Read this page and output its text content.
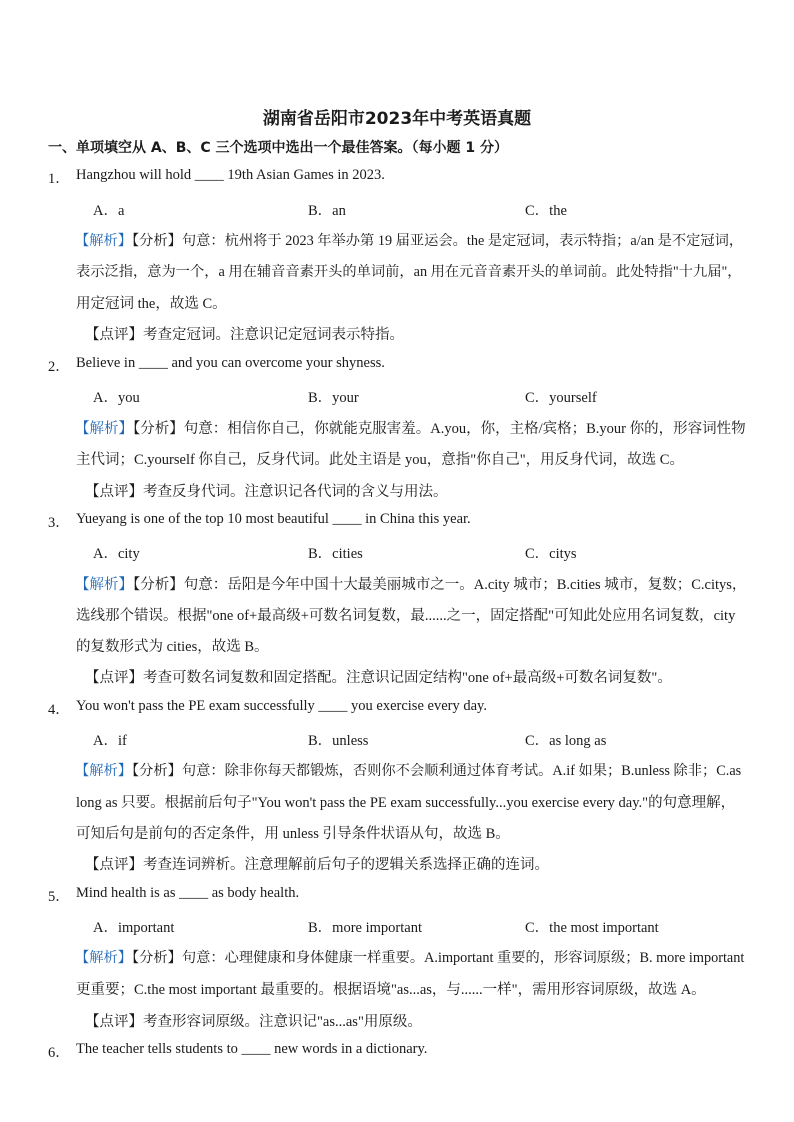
湖南省岳阳市2023年中考英语真题
一、单项填空从 A、B、C 三个选项中选出一个最佳答案。（每小题 1 分）
1． Hangzhou will hold ____ 19th Asian Games in 2023.
A．a	B．an	C．the
【解析】【分析】句意：杭州将于 2023 年举办第 19 届亚运会。the 是定冠词，表示特指；a/an 是不定冠词，
表示泛指，意为一个，a 用在辅音音素开头的单词前，an 用在元音音素开头的单词前。此处特指"十九届"，
用定冠词 the，故选 C。
【点评】考查定冠词。注意识记定冠词表示特指。
2． Believe in ____ and you can overcome your shyness.
A．you	B．your	C．yourself
【解析】【分析】句意：相信你自己，你就能克服害羞。A.you，你，主格/宾格；B.your 你的，形容词性物
主代词；C.yourself 你自己，反身代词。此处主语是 you，意指"你自己"，用反身代词，故选 C。
【点评】考查反身代词。注意识记各代词的含义与用法。
3． Yueyang is one of the top 10 most beautiful ____ in China this year.
A．city	B．cities	C．citys
【解析】【分析】句意：岳阳是今年中国十大最美丽城市之一。A.city 城市；B.cities 城市，复数；C.citys，
选线那个错误。根据"one of+最高级+可数名词复数，最......之一，固定搭配"可知此处应用名词复数，city
的复数形式为 cities，故选 B。
【点评】考查可数名词复数和固定搭配。注意识记固定结构"one of+最高级+可数名词复数"。
4． You won't pass the PE exam successfully ____ you exercise every day.
A．if	B．unless	C．as long as
【解析】【分析】句意：除非你每天都锻炼，否则你不会顺利通过体育考试。A.if 如果；B.unless 除非；C.as
long as 只要。根据前后句子"You won't pass the PE exam successfully...you exercise every day."的句意理解，
可知后句是前句的否定条件，用 unless 引导条件状语从句，故选 B。
【点评】考查连词辨析。注意理解前后句子的逻辑关系选择正确的连词。
5． Mind health is as ____ as body health.
A．important	B．more important	C．the most important
【解析】【分析】句意：心理健康和身体健康一样重要。A.important 重要的，形容词原级；B. more important
更重要；C.the most important 最重要的。根据语境"as...as，与......一样"，需用形容词原级，故选 A。
【点评】考查形容词原级。注意识记"as...as"用原级。
6． The teacher tells students to ____ new words in a dictionary.
